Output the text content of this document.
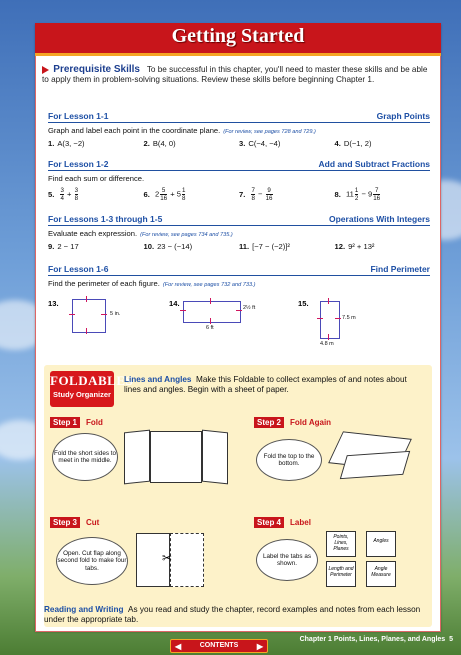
Getting Started
Prerequisite Skills To be successful in this chapter, you'll need to master these skills and be able to apply them in problem-solving situations. Review these skills before beginning Chapter 1.
For Lesson 1-1	Graph Points
Graph and label each point in the coordinate plane. (For review, see pages 728 and 729.)
1. A(3, −2)	2. B(4, 0)	3. C(−4, −4)	4. D(−1, 2)
For Lesson 1-2	Add and Subtract Fractions
Find each sum or difference.
5. $\frac{3}{4} + \frac{3}{8}$	6. $2 \frac{5}{16} + 5 \frac{1}{8}$	7. $\frac{7}{8} - \frac{9}{16}$	8. $11 \frac{1}{2} - 9 \frac{7}{16}$
For Lessons 1-3 through 1-5	Operations With Integers
Evaluate each expression. (For review, see pages 734 and 735.)
9. 2 − 17	10. 23 − (−14)	11. [−7 − (−2)]²	12. 9² + 13²
For Lesson 1-6	Find Perimeter
Find the perimeter of each figure. (For review, see pages 732 and 733.)
13.
5 in.
14.	2½ ft
6 ft
15.
7.5 m
4.8 m
FOLDABLES
Study Organizer
Lines and Angles Make this Foldable to collect examples of and notes about lines and angles. Begin with a sheet of paper.
Step 1 Fold
Fold the short sides to meet in the middle.
Step 2 Fold Again
Fold the top to the bottom.
Step 3 Cut
Open. Cut flap along second fold to make four tabs.
✂
Step 4 Label
Label the tabs as shown.
Points, Lines, Planes
Angles
Length and Perimeter
Angle Measure
Reading and Writing As you read and study the chapter, record examples and notes from each lesson under the appropriate tab.
Chapter 1 Points, Lines, Planes, and Angles 5
◀	CONTENTS ▶
